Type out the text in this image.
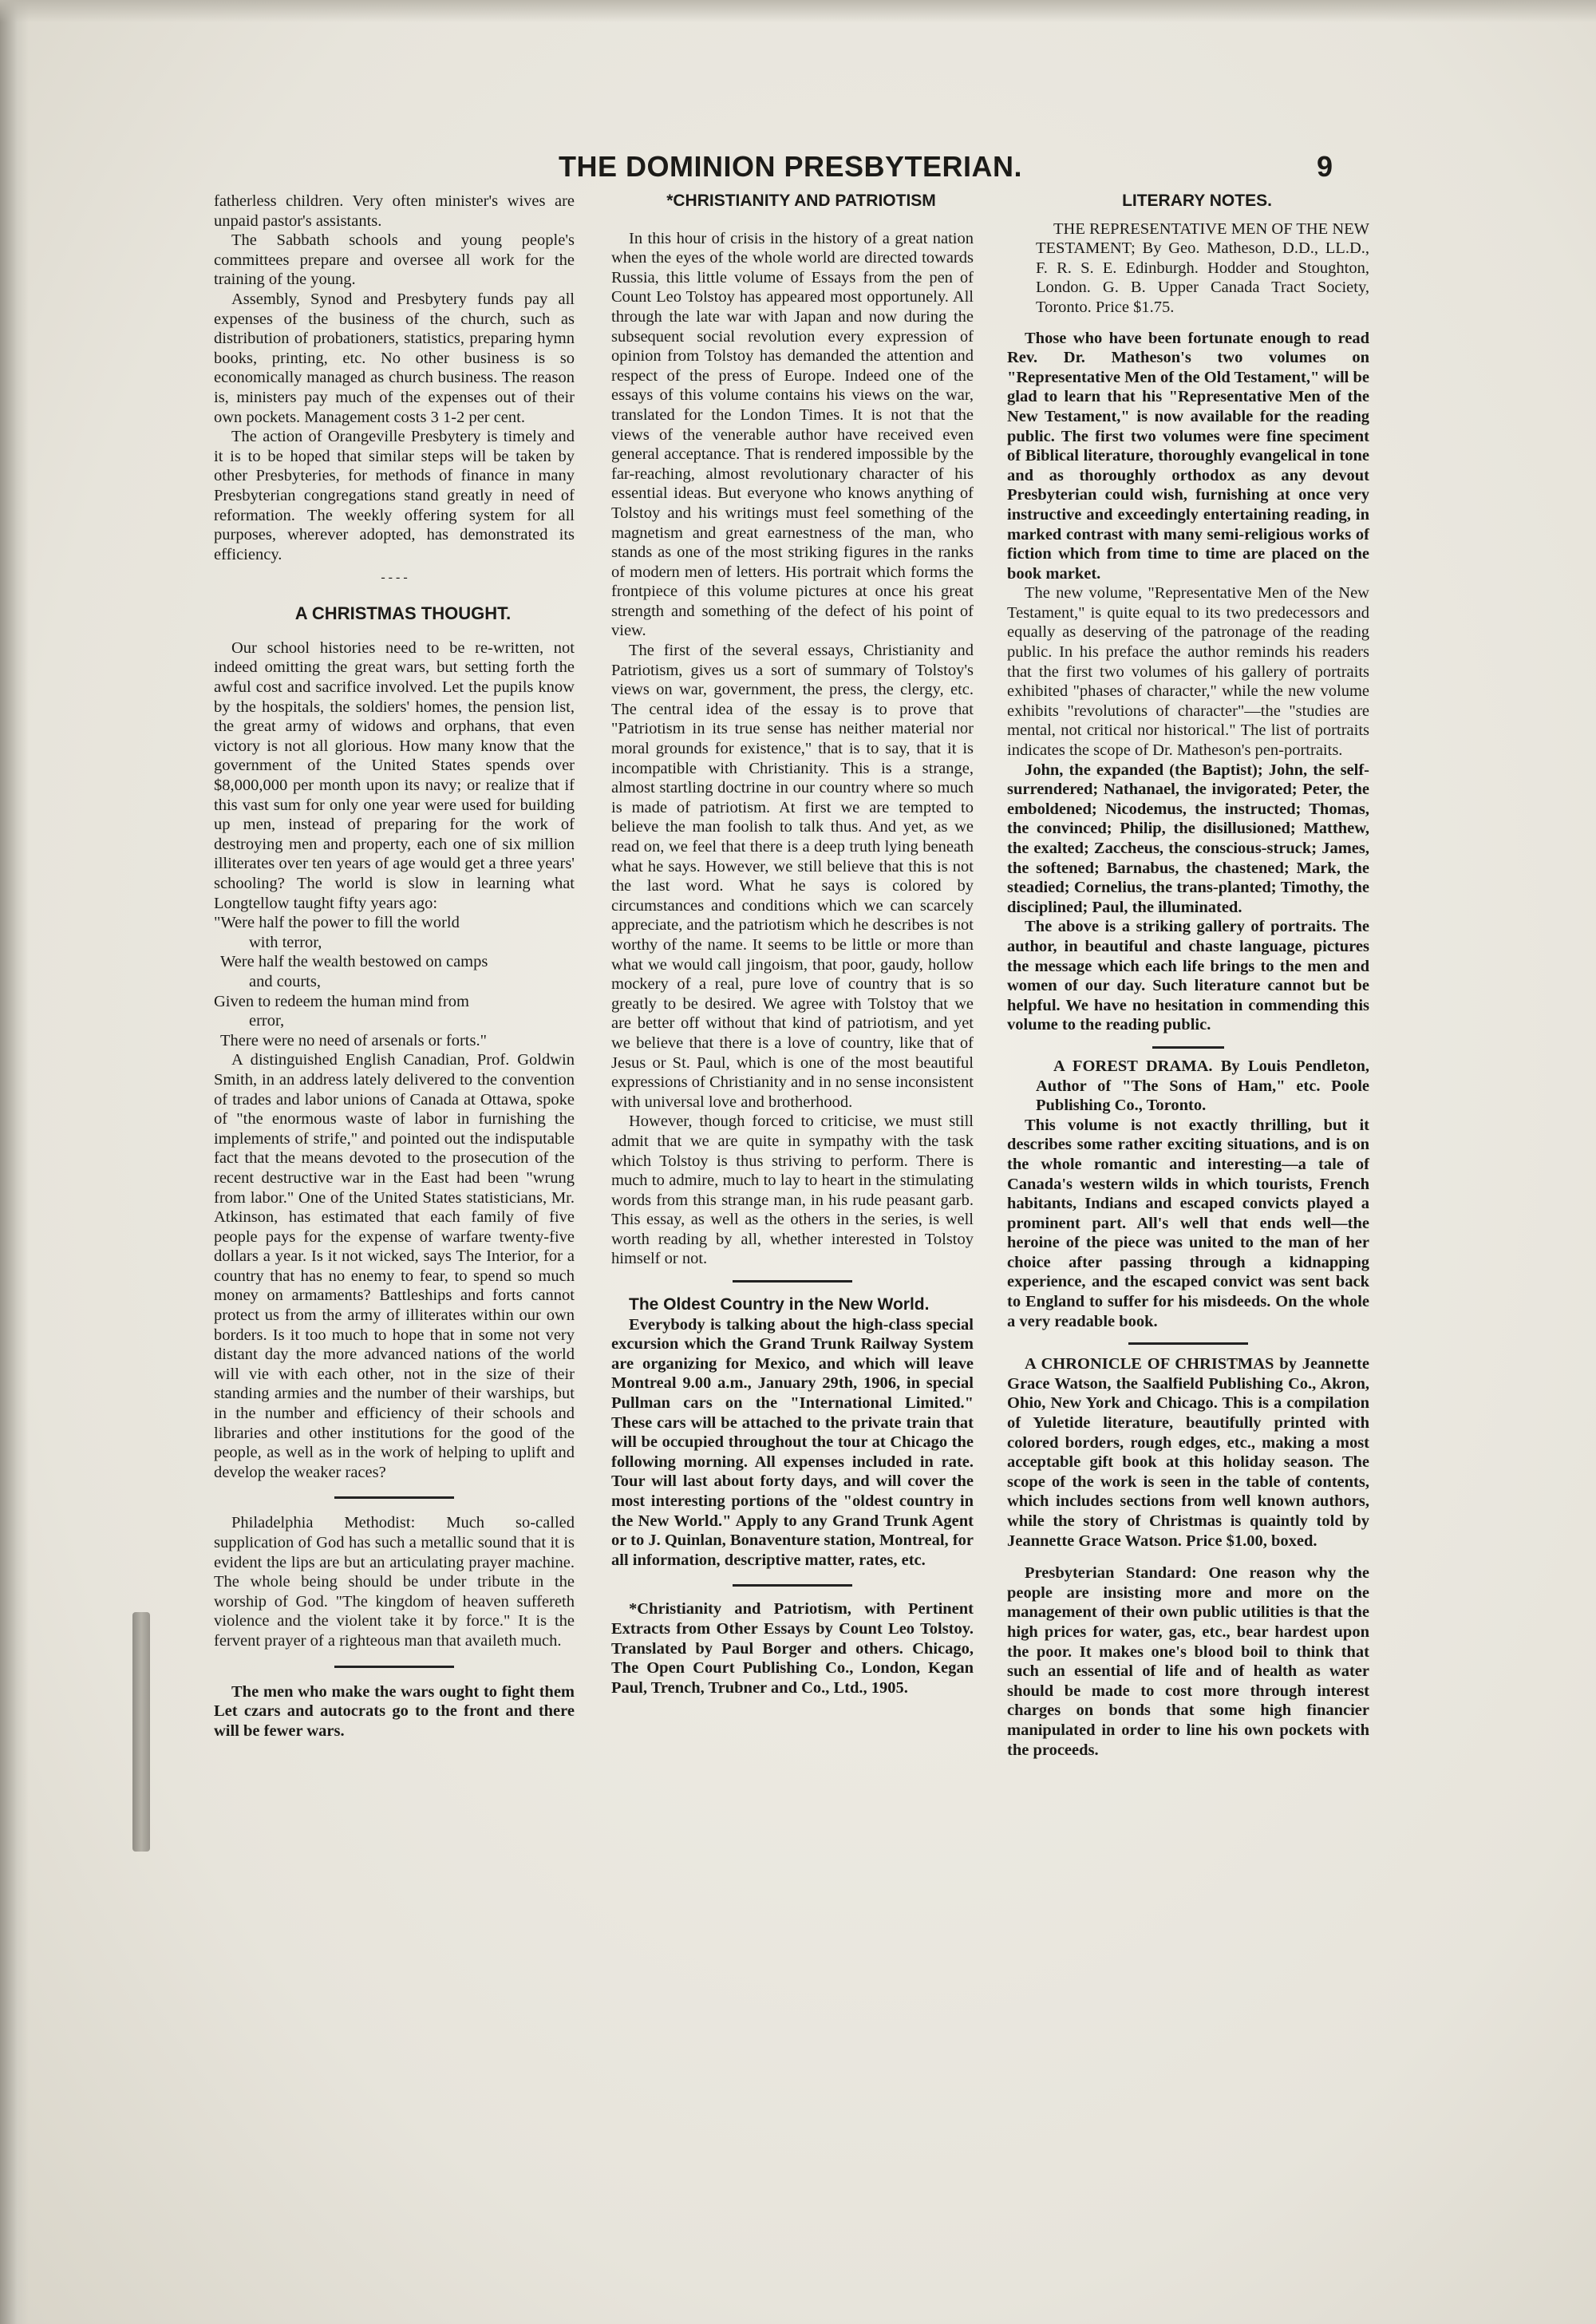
THE DOMINION PRESBYTERIAN.	9

fatherless children. Very often minister's wives are unpaid pastor's assistants.

The Sabbath schools and young people's committees prepare and oversee all work for the training of the young.

Assembly, Synod and Presbytery funds pay all expenses of the business of the church, such as distribution of probationers, statistics, preparing hymn books, printing, etc. No other business is so economically managed as church business. The reason is, ministers pay much of the expenses out of their own pockets. Management costs 3 1-2 per cent.

The action of Orangeville Presbytery is timely and it is to be hoped that similar steps will be taken by other Presbyteries, for methods of finance in many Presbyterian congregations stand greatly in need of reformation. The weekly offering system for all purposes, wherever adopted, has demonstrated its efficiency.

- - - -

A CHRISTMAS THOUGHT.

Our school histories need to be re-written, not indeed omitting the great wars, but setting forth the awful cost and sacrifice involved. Let the pupils know by the hospitals, the soldiers' homes, the pension list, the great army of widows and orphans, that even victory is not all glorious. How many know that the government of the United States spends over $8,000,000 per month upon its navy; or realize that if this vast sum for only one year were used for building up men, instead of preparing for the work of destroying men and property, each one of six million illiterates over ten years of age would get a three years' schooling? The world is slow in learning what Longtellow taught fifty years ago:

"Were half the power to fill the world
with terror,
Were half the wealth bestowed on camps
and courts,
Given to redeem the human mind from
error,
There were no need of arsenals or forts."

A distinguished English Canadian, Prof. Goldwin Smith, in an address lately delivered to the convention of trades and labor unions of Canada at Ottawa, spoke of "the enormous waste of labor in furnishing the implements of strife," and pointed out the indisputable fact that the means devoted to the prosecution of the recent destructive war in the East had been "wrung from labor." One of the United States statisticians, Mr. Atkinson, has estimated that each family of five people pays for the expense of warfare twenty-five dollars a year. Is it not wicked, says The Interior, for a country that has no enemy to fear, to spend so much money on armaments? Battleships and forts cannot protect us from the army of illiterates within our own borders. Is it too much to hope that in some not very distant day the more advanced nations of the world will vie with each other, not in the size of their standing armies and the number of their warships, but in the number and efficiency of their schools and libraries and other institutions for the good of the people, as well as in the work of helping to uplift and develop the weaker races?

Philadelphia Methodist: Much so-called supplication of God has such a metallic sound that it is evident the lips are but an articulating prayer machine. The whole being should be under tribute in the worship of God. "The kingdom of heaven suffereth violence and the violent take it by force." It is the fervent prayer of a righteous man that availeth much.

The men who make the wars ought to fight them Let czars and autocrats go to the front and there will be fewer wars.

*CHRISTIANITY AND PATRIOTISM

In this hour of crisis in the history of a great nation when the eyes of the whole world are directed towards Russia, this little volume of Essays from the pen of Count Leo Tolstoy has appeared most opportunely. All through the late war with Japan and now during the subsequent social revolution every expression of opinion from Tolstoy has demanded the attention and respect of the press of Europe. Indeed one of the essays of this volume contains his views on the war, translated for the London Times. It is not that the views of the venerable author have received even general acceptance. That is rendered impossible by the far-reaching, almost revolutionary character of his essential ideas. But everyone who knows anything of Tolstoy and his writings must feel something of the magnetism and great earnestness of the man, who stands as one of the most striking figures in the ranks of modern men of letters. His portrait which forms the frontpiece of this volume pictures at once his great strength and something of the defect of his point of view.

The first of the several essays, Christianity and Patriotism, gives us a sort of summary of Tolstoy's views on war, government, the press, the clergy, etc. The central idea of the essay is to prove that "Patriotism in its true sense has neither material nor moral grounds for existence," that is to say, that it is incompatible with Christianity. This is a strange, almost startling doctrine in our country where so much is made of patriotism. At first we are tempted to believe the man foolish to talk thus. And yet, as we read on, we feel that there is a deep truth lying beneath what he says. However, we still believe that this is not the last word. What he says is colored by circumstances and conditions which we can scarcely appreciate, and the patriotism which he describes is not worthy of the name. It seems to be little or more than what we would call jingoism, that poor, gaudy, hollow mockery of a real, pure love of country that is so greatly to be desired. We agree with Tolstoy that we are better off without that kind of patriotism, and yet we believe that there is a love of country, like that of Jesus or St. Paul, which is one of the most beautiful expressions of Christianity and in no sense inconsistent with universal love and brotherhood.

However, though forced to criticise, we must still admit that we are quite in sympathy with the task which Tolstoy is thus striving to perform. There is much to admire, much to lay to heart in the stimulating words from this strange man, in his rude peasant garb. This essay, as well as the others in the series, is well worth reading by all, whether interested in Tolstoy himself or not.

The Oldest Country in the New World.

Everybody is talking about the high-class special excursion which the Grand Trunk Railway System are organizing for Mexico, and which will leave Montreal 9.00 a.m., January 29th, 1906, in special Pullman cars on the "International Limited." These cars will be attached to the private train that will be occupied throughout the tour at Chicago the following morning. All expenses included in rate. Tour will last about forty days, and will cover the most interesting portions of the "oldest country in the New World." Apply to any Grand Trunk Agent or to J. Quinlan, Bonaventure station, Montreal, for all information, descriptive matter, rates, etc.

*Christianity and Patriotism, with Pertinent Extracts from Other Essays by Count Leo Tolstoy. Translated by Paul Borger and others. Chicago, The Open Court Publishing Co., London, Kegan Paul, Trench, Trubner and Co., Ltd., 1905.

LITERARY NOTES.

THE REPRESENTATIVE MEN OF THE NEW TESTAMENT; By Geo. Matheson, D.D., LL.D., F. R. S. E. Edinburgh. Hodder and Stoughton, London. G. B. Upper Canada Tract Society, Toronto. Price $1.75.

Those who have been fortunate enough to read Rev. Dr. Matheson's two volumes on "Representative Men of the Old Testament," will be glad to learn that his "Representative Men of the New Testament," is now available for the reading public. The first two volumes were fine speciment of Biblical literature, thoroughly evangelical in tone and as thoroughly orthodox as any devout Presbyterian could wish, furnishing at once very instructive and exceedingly entertaining reading, in marked contrast with many semi-religious works of fiction which from time to time are placed on the book market.

The new volume, "Representative Men of the New Testament," is quite equal to its two predecessors and equally as deserving of the patronage of the reading public. In his preface the author reminds his readers that the first two volumes of his gallery of portraits exhibited "phases of character," while the new volume exhibits "revolutions of character"—the "studies are mental, not critical nor historical." The list of portraits indicates the scope of Dr. Matheson's pen-portraits.

John, the expanded (the Baptist); John, the self-surrendered; Nathanael, the invigorated; Peter, the emboldened; Nicodemus, the instructed; Thomas, the convinced; Philip, the disillusioned; Matthew, the exalted; Zaccheus, the conscious-struck; James, the softened; Barnabus, the chastened; Mark, the steadied; Cornelius, the trans-planted; Timothy, the disciplined; Paul, the illuminated.

The above is a striking gallery of portraits. The author, in beautiful and chaste language, pictures the message which each life brings to the men and women of our day. Such literature cannot but be helpful. We have no hesitation in commending this volume to the reading public.

A FOREST DRAMA. By Louis Pendleton, Author of "The Sons of Ham," etc. Poole Publishing Co., Toronto.

This volume is not exactly thrilling, but it describes some rather exciting situations, and is on the whole romantic and interesting—a tale of Canada's western wilds in which tourists, French habitants, Indians and escaped convicts played a prominent part. All's well that ends well—the heroine of the piece was united to the man of her choice after passing through a kidnapping experience, and the escaped convict was sent back to England to suffer for his misdeeds. On the whole a very readable book.

A CHRONICLE OF CHRISTMAS by Jeannette Grace Watson, the Saalfield Publishing Co., Akron, Ohio, New York and Chicago. This is a compilation of Yuletide literature, beautifully printed with colored borders, rough edges, etc., making a most acceptable gift book at this holiday season. The scope of the work is seen in the table of contents, which includes sections from well known authors, while the story of Christmas is quaintly told by Jeannette Grace Watson. Price $1.00, boxed.

Presbyterian Standard: One reason why the people are insisting more and more on the management of their own public utilities is that the high prices for water, gas, etc., bear hardest upon the poor. It makes one's blood boil to think that such an essential of life and of health as water should be made to cost more through interest charges on bonds that some high financier manipulated in order to line his own pockets with the proceeds.
